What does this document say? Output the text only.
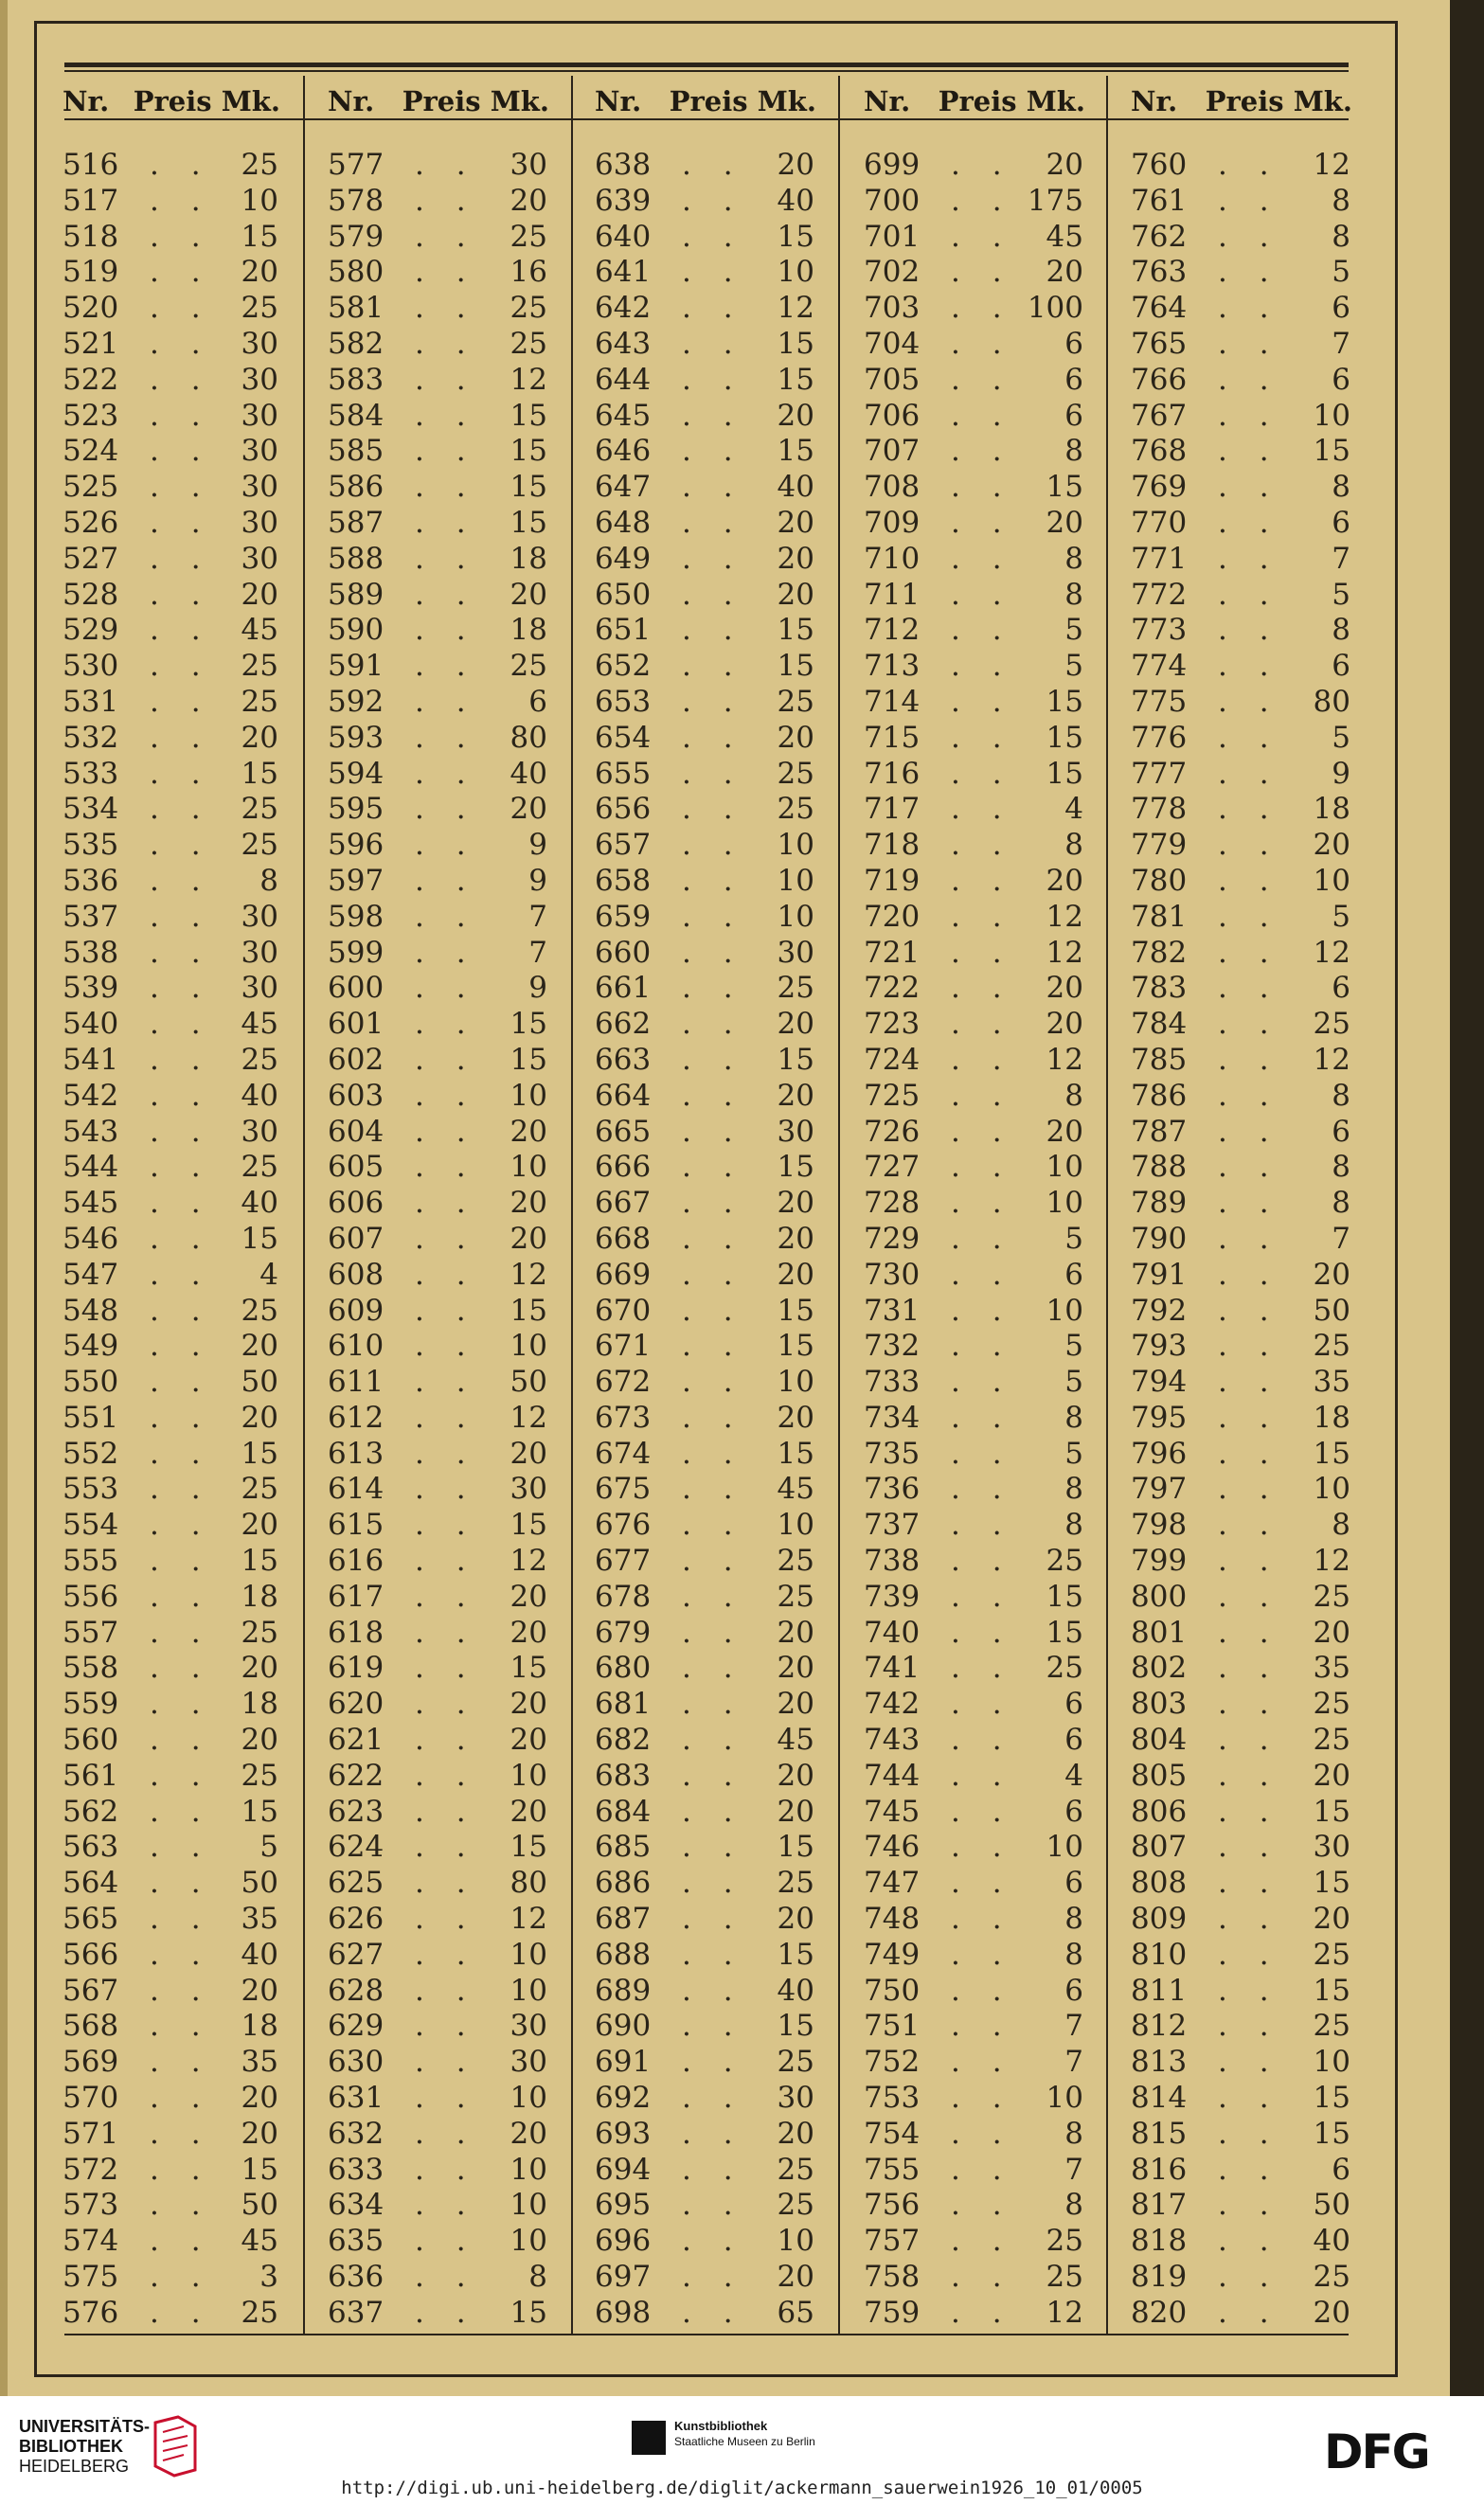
Nr. Preis Mk.
516	. . 25
517	. . 10
518	. . 15
519	. . 20
520	. . 25
521	. . 30
522	. . 30
523	. . 30
524	. . 30
525	. . 30
526	. . 30
527	. . 30
528	. . 20
529	. . 45
530	. . 25
531	. . 25
532	. . 20
533	. . 15
534	. . 25
535	. . 25
536	. . 8
537	. . 30
538	. . 30
539	. . 30
540	. . 45
541	. . 25
542	. . 40
543	. . 30
544	. . 25
545	. . 40
546	. . 15
547	. . 4
548	. . 25
549	. . 20
550	. . 50
551	. . 20
552	. . 15
553	. . 25
554	. . 20
555	. . 15
556	. . 18
557	. . 25
558	. . 20
559	. . 18
560	. . 20
561	. . 25
562	. . 15
563	. . 5
564	. . 50
565	. . 35
566	. . 40
567	. . 20
568	. . 18
569	. . 35
570	. . 20
571	. . 20
572	. . 15
573	. . 50
574	. . 45
575	. . 3
576	. . 25
Nr. Preis Mk.
577	. . 30
578	. . 20
579	. . 25
580	. . 16
581	. . 25
582	. . 25
583	. . 12
584	. . 15
585	. . 15
586	. . 15
587	. . 15
588	. . 18
589	. . 20
590	. . 18
591	. . 25
592	. . 6
593	. . 80
594	. . 40
595	. . 20
596	. . 9
597	. . 9
598	. . 7
599	. . 7
600	. . 9
601	. . 15
602	. . 15
603	. . 10
604	. . 20
605	. . 10
606	. . 20
607	. . 20
608	. . 12
609	. . 15
610	. . 10
611	. . 50
612	. . 12
613	. . 20
614	. . 30
615	. . 15
616	. . 12
617	. . 20
618	. . 20
619	. . 15
620	. . 20
621	. . 20
622	. . 10
623	. . 20
624	. . 15
625	. . 80
626	. . 12
627	. . 10
628	. . 10
629	. . 30
630	. . 30
631	. . 10
632	. . 20
633	. . 10
634	. . 10
635	. . 10
636	. . 8
637	. . 15
Nr. Preis Mk.
638	. . 20
639	. . 40
640	. . 15
641	. . 10
642	. . 12
643	. . 15
644	. . 15
645	. . 20
646	. . 15
647	. . 40
648	. . 20
649	. . 20
650	. . 20
651	. . 15
652	. . 15
653	. . 25
654	. . 20
655	. . 25
656	. . 25
657	. . 10
658	. . 10
659	. . 10
660	. . 30
661	. . 25
662	. . 20
663	. . 15
664	. . 20
665	. . 30
666	. . 15
667	. . 20
668	. . 20
669	. . 20
670	. . 15
671	. . 15
672	. . 10
673	. . 20
674	. . 15
675	. . 45
676	. . 10
677	. . 25
678	. . 25
679	. . 20
680	. . 20
681	. . 20
682	. . 45
683	. . 20
684	. . 20
685	. . 15
686	. . 25
687	. . 20
688	. . 15
689	. . 40
690	. . 15
691	. . 25
692	. . 30
693	. . 20
694	. . 25
695	. . 25
696	. . 10
697	. . 20
698	. . 65
Nr. Preis Mk.
699	. . 20
700	. . 175
701	. . 45
702	. . 20
703	. . 100
704	. . 6
705	. . 6
706	. . 6
707	. . 8
708	. . 15
709	. . 20
710	. . 8
711	. . 8
712	. . 5
713	. . 5
714	. . 15
715	. . 15
716	. . 15
717	. . 4
718	. . 8
719	. . 20
720	. . 12
721	. . 12
722	. . 20
723	. . 20
724	. . 12
725	. . 8
726	. . 20
727	. . 10
728	. . 10
729	. . 5
730	. . 6
731	. . 10
732	. . 5
733	. . 5
734	. . 8
735	. . 5
736	. . 8
737	. . 8
738	. . 25
739	. . 15
740	. . 15
741	. . 25
742	. . 6
743	. . 6
744	. . 4
745	. . 6
746	. . 10
747	. . 6
748	. . 8
749	. . 8
750	. . 6
751	. . 7
752	. . 7
753	. . 10
754	. . 8
755	. . 7
756	. . 8
757	. . 25
758	. . 25
759	. . 12
Nr. Preis Mk.
760	. . 12
761	. . 8
762	. . 8
763	. . 5
764	. . 6
765	. . 7
766	. . 6
767	. . 10
768	. . 15
769	. . 8
770	. . 6
771	. . 7
772	. . 5
773	. . 8
774	. . 6
775	. . 80
776	. . 5
777	. . 9
778	. . 18
779	. . 20
780	. . 10
781	. . 5
782	. . 12
783	. . 6
784	. . 25
785	. . 12
786	. . 8
787	. . 6
788	. . 8
789	. . 8
790	. . 7
791	. . 20
792	. . 50
793	. . 25
794	. . 35
795	. . 18
796	. . 15
797	. . 10
798	. . 8
799	. . 12
800	. . 25
801	. . 20
802	. . 35
803	. . 25
804	. . 25
805	. . 20
806	. . 15
807	. . 30
808	. . 15
809	. . 20
810	. . 25
811	. . 15
812	. . 25
813	. . 10
814	. . 15
815	. . 15
816	. . 6
817	. . 50
818	. . 40
819	. . 25
820	. . 20
UNIVERSITÄTS-
BIBLIOTHEK
HEIDELBERG
Kunstbibliothek
Staatliche Museen zu Berlin	DFG
http://digi.ub.uni-heidelberg.de/diglit/ackermann_sauerwein1926_10_01/0005
